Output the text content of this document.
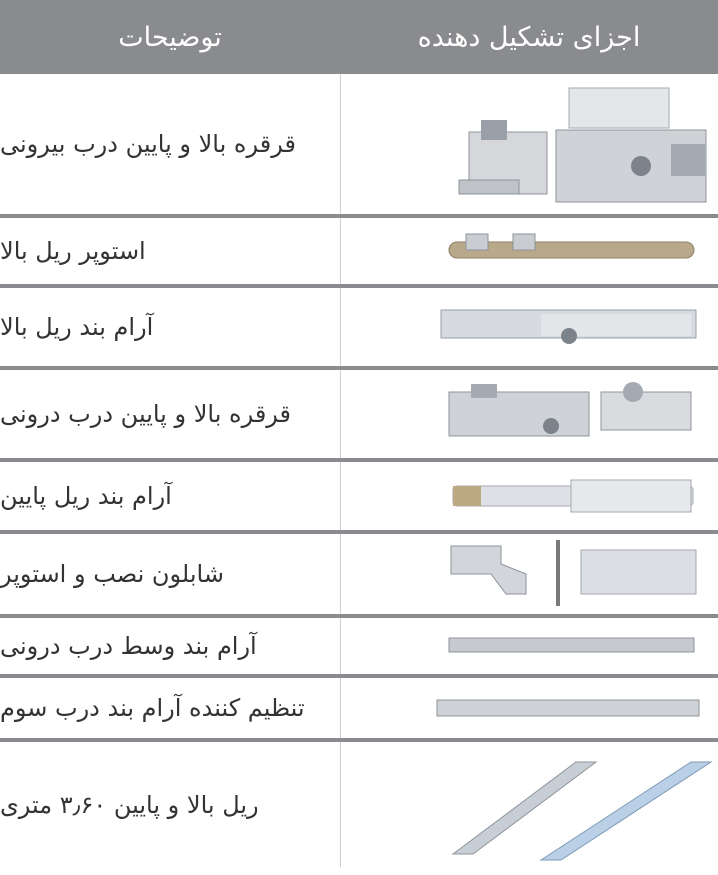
توضیحات	اجزای تشکیل دهنده
قرقره بالا و پایین درب بیرونی
استوپر ریل بالا
آرام بند ریل بالا
قرقره بالا و پایین درب درونی
آرام بند ریل پایین
شابلون نصب و استوپر
آرام بند وسط درب درونی
تنظیم کننده آرام بند درب سوم
ریل بالا و پایین ۳٫۶۰ متری
